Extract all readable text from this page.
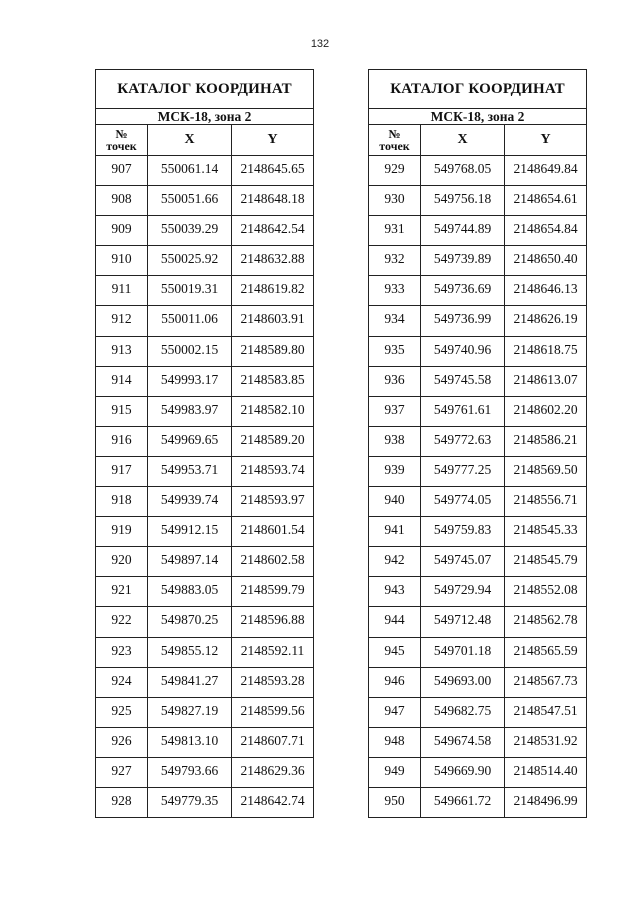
132
КАТАЛОГ КООРДИНАТ		
МСК-18, зона 2		
№
точек	X	Y
907	550061.14	2148645.65
908	550051.66	2148648.18
909	550039.29	2148642.54
910	550025.92	2148632.88
911	550019.31	2148619.82
912	550011.06	2148603.91
913	550002.15	2148589.80
914	549993.17	2148583.85
915	549983.97	2148582.10
916	549969.65	2148589.20
917	549953.71	2148593.74
918	549939.74	2148593.97
919	549912.15	2148601.54
920	549897.14	2148602.58
921	549883.05	2148599.79
922	549870.25	2148596.88
923	549855.12	2148592.11
924	549841.27	2148593.28
925	549827.19	2148599.56
926	549813.10	2148607.71
927	549793.66	2148629.36
928	549779.35	2148642.74
КАТАЛОГ КООРДИНАТ		
МСК-18, зона 2		
№
точек	X	Y
929	549768.05	2148649.84
930	549756.18	2148654.61
931	549744.89	2148654.84
932	549739.89	2148650.40
933	549736.69	2148646.13
934	549736.99	2148626.19
935	549740.96	2148618.75
936	549745.58	2148613.07
937	549761.61	2148602.20
938	549772.63	2148586.21
939	549777.25	2148569.50
940	549774.05	2148556.71
941	549759.83	2148545.33
942	549745.07	2148545.79
943	549729.94	2148552.08
944	549712.48	2148562.78
945	549701.18	2148565.59
946	549693.00	2148567.73
947	549682.75	2148547.51
948	549674.58	2148531.92
949	549669.90	2148514.40
950	549661.72	2148496.99
